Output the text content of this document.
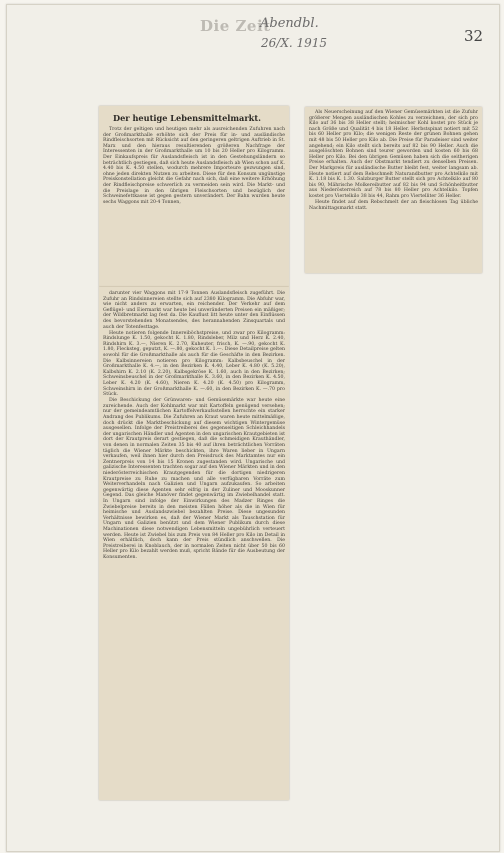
Die Zeit
Abendbl.
26/X. 1915	32
Der heutige Lebensmittelmarkt.

Trotz der geltigen und heutigen mehr als ausreichenden Zufuhren nach der Großmarkthalle erhöhte sich der Preis für in- und ausländische Rindfleischsorten mit Rücksicht auf den geringeren geltrigen Auftrieb in St. Marx und den hieraus resultierenden größeren Nachfrage der Interessenten in der Großmarkthalle um 10 bis 20 Heller pro Kilogramm. Der Einkaufspreis für Auslandsfleisch ist in den Gestehungsländern so beträchtlich gestiegen, daß sich heute Auslandsfleisch ab Wien schon auf K. 4.40 bis K. 4.50 stellen, wodurch mehrere Importeure gezwungen sind, ohne jeden direkten Nutzen zu arbeiten. Diese für den Konsum ungünstige Preiskonstellation gleicht die Gefahr nach sich, daß eine weitere Erhöhung der Rindfleischpreise schwerlich zu vermeiden sein wird. Die Markt- und die Preislage in den übrigen Fleischsorten und bezüglich der Schweinefettkasse ist gegen gestern unverändert. Der Bahn wurden heute sechs Waggons mit 20·4 Tonnen,

darunter vier Waggons mit 17·9 Tonnen Auslandsfleisch zugeführt. Die Zufuhr an Rindsinnereien stellte sich auf 2380 Kilogramm. Die Abfuhr war, wie nicht anders zu erwarten, ein reichender. Der Verkehr auf dem Geflügel- und Eiermarkt war heute bei unveränderten Preisen ein mäßiger; der Wildbretmarkt lag fest da. Die Kauflust litt heute unter den Einflüssen des bevorstehenden Monatsendes, des herannahenden Zinsquartals und auch der Totenfesttage.

Heute notieren folgende Innereiböchstpreise, und zwar pro Kilogramm: Rindslunge K. 1.50, gekocht K. 1.80, Rindsleber, Milz und Herz K. 2.40, Rindshirn K. 3.—, Nieren K. 2.70, Kuheuter, frisch, K. —.90, gekocht K. 1.80, Flecksteg, geputzt, K. —.80, gekocht K. 1.—. Diese Detailpreise gelten sowohl für die Großmarkthalle als auch für die Geschäfte in den Bezirken. Die Kalbsinnereien notieren pro Kilogramm: Kalbsbeuschel in der Großmarkthalle K. 4.—, in den Bezirken K. 4.40, Leber K. 4.80 (K. 5.20), Kalbshirn K. 2.10 (K. 2.20), Kalbsgekröse K. 1.60, auch in den Bezirken; Schweinsbeuschel in der Großmarkthalle K. 3.60, in den Bezirken K. 4.50, Leber K. 4.20 (K. 4.60), Nieren K. 4.20 (K. 4.50) pro Kilogramm, Schweinshirn in der Großmarkthalle K. —.60, in den Bezirken K. —.70 pro Stück.

Die Beschickung der Grünwaren- und Gemüsemärkte war heute eine zureichende. Auch der Kohlmarkt war mit Kartoffeln genügend versehen; nur der gemeindeamtlichen Kartoffelverkaufsstellen herrschte ein starker Andrang des Publikums. Die Zufuhren an Kraut waren heute mittelmäßige, doch drückt die Marktbeschickung auf diesem wichtigen Wintergemüse ausgesellen. Infolge der Preistreiberei des gegenseitigen Schleichhandels der ungarischen Händler und Agenten in den ungarischen Krautgebieten ist dort der Krautpreis derart gestiegen, daß die schmeidigen Krauthändler, von denen in normalen Zeiten 35 bis 40 auf ihren beträchtlichen Vorräten täglich die Wiener Märkte beschickten, ihre Waren lieber in Ungarn verkaufen, weil ihnen hier durch den Preisdruck des Marktamtes nur ein Zentnerpreis von 14 bis 15 Kronen zugestanden wird. Ungarische und galizische Interessenten trachten sogar auf den Wiener Märkten und in den niederösterreichischen Krautgegenden für die dortigen niedrigeren Krautpreise zu Ruhe zu machen und alle verfügbaren Vorräte zum Weiterverhandeln nach Galizien und Ungarn aufzukaufen. So arbeiten gegenwärtig diese Agenten sehr eifrig in der Zuliner und Mooskunner Gegend. Das gleiche Manöver findet gegenwärtig im Zwiebelhandel statt. In Ungarn sind infolge der Einwirkungen des Madzer Ringes die Zwiebelpreise bereits in den meisten Fällen höher als die in Wien für heimische und Auslandszwiebel bezahlten Preise. Diese ungesunden Verhältnisse bewirken es, daß der Wiener Markt als Tauschstation für Ungarn und Galizien benützt und dem Wiener Publikum durch diese Machinationen diese notwendigen Lebensmitteln ungebührlich verteuert werden. Heute ist Zwiebel bis zum Preis von 84 Heller pro Kilo im Detail in Wien erhältlich, doch kann der Preis stündlich anschwellen. Die Preistreiberei in Knoblauch, der in normalen Zeiten nicht über 50 bis 60 Heller pro Kilo bezahlt werden muß, spricht Bände für die Ausbeutung der Konsumenten.

Als Neuerscheinung auf den Wiener Gemüsemärkten ist die Zufuhr größerer Mengen ausländischen Kohles zu verzeichnen, der sich pro Kilo auf 36 bis 38 Heller stellt; heimischer Kohl kostet pro Stück je nach Größe und Qualität 4 bis 18 Heller. Herbstspinat notiert mit 52 bis 60 Heller pro Kilo; die wenigen Reste der grünen Bohnen gehen mit 48 bis 50 Heller pro Kilo ab. Die Preise für Paradeiser sind weiter angehend; ein Kilo stellt sich bereits auf 82 bis 90 Heller. Auch die ausgelöschten Bohnen sind teurer geworden und kosten 60 bis 68 Heller pro Kilo. Bei den übrigen Gemüsen haben sich die seitherigen Preise erhalten. Auch der Obstmarkt tendiert zu denselben Preisen. Der Markpreis für ausländische Butter bleibt fest, weiter langsam ab. Heute notiert auf dem Rebschmelt Naturandbutter pro Achtelkilo mit K. 1.18 bis K. 1.30. Salzburger Butter stellt sich pro Achtelkilo auf 80 bis 90, Mährische Molkereibutter auf 82 bis 94 und Schönheitbutter aus Niederösterreich auf 78 bis 80 Heller pro Achtelkilo. Topfen kostet pro Viertelkilo 38 bis 44, Rahm pro Viertelliter 36 Heller.

Heute findet auf dem Rebschmelt der an fleischlosen Tag übliche Nachmittagsmarkt statt.
